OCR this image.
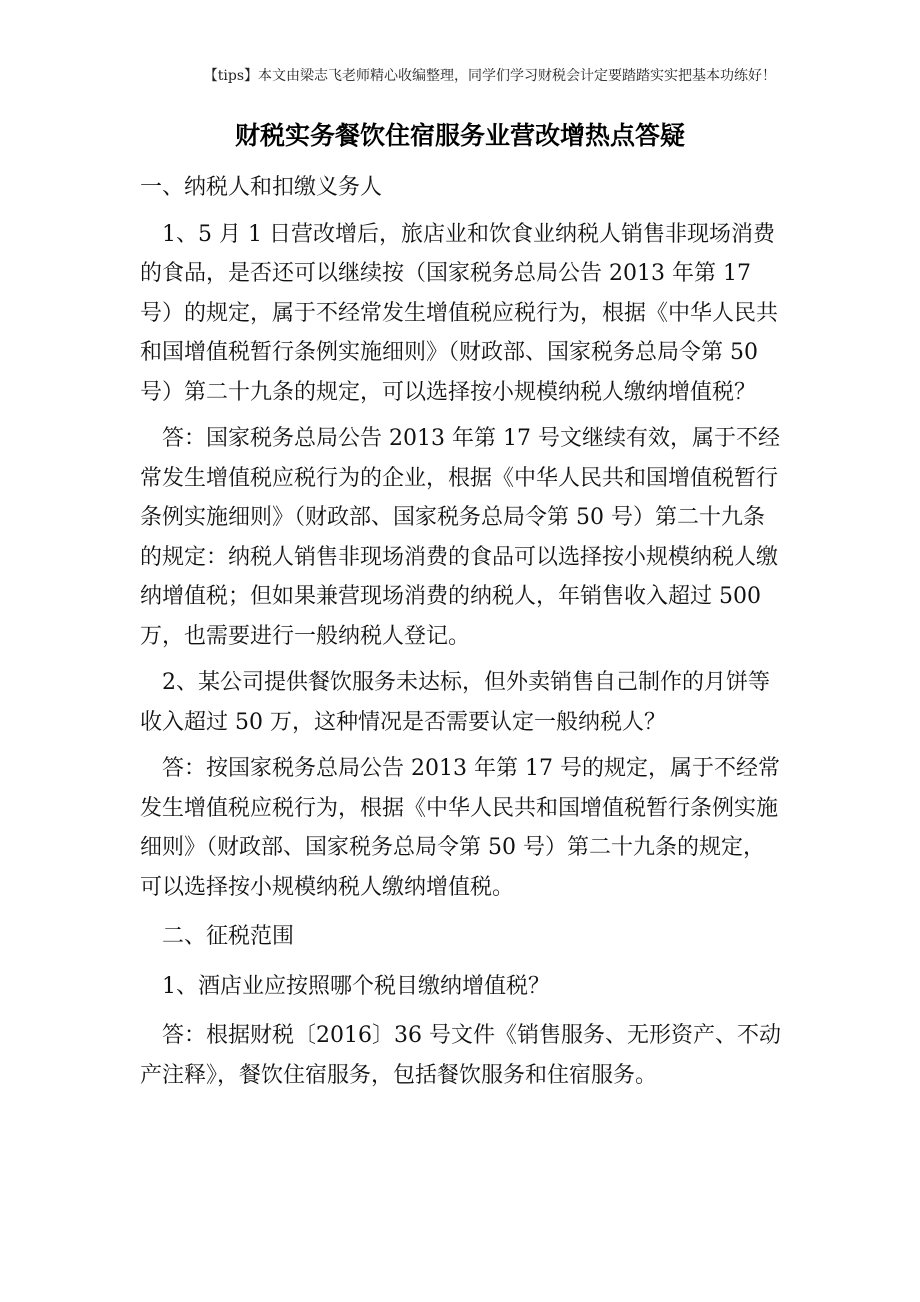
【tips】本文由梁志飞老师精心收编整理，同学们学习财税会计定要踏踏实实把基本功练好！
财税实务餐饮住宿服务业营改增热点答疑

一、纳税人和扣缴义务人

1、5 月 1 日营改增后，旅店业和饮食业纳税人销售非现场消费的食品，是否还可以继续按（国家税务总局公告 2013 年第 17 号）的规定，属于不经常发生增值税应税行为，根据《中华人民共和国增值税暂行条例实施细则》（财政部、国家税务总局令第 50 号）第二十九条的规定，可以选择按小规模纳税人缴纳增值税？

答：国家税务总局公告 2013 年第 17 号文继续有效，属于不经常发生增值税应税行为的企业，根据《中华人民共和国增值税暂行条例实施细则》（财政部、国家税务总局令第 50 号）第二十九条的规定：纳税人销售非现场消费的食品可以选择按小规模纳税人缴纳增值税；但如果兼营现场消费的纳税人，年销售收入超过 500 万，也需要进行一般纳税人登记。

2、某公司提供餐饮服务未达标，但外卖销售自己制作的月饼等收入超过 50 万，这种情况是否需要认定一般纳税人？

答：按国家税务总局公告 2013 年第 17 号的规定，属于不经常发生增值税应税行为，根据《中华人民共和国增值税暂行条例实施细则》（财政部、国家税务总局令第 50 号）第二十九条的规定，可以选择按小规模纳税人缴纳增值税。

二、征税范围

1、酒店业应按照哪个税目缴纳增值税？

答：根据财税〔2016〕36 号文件《销售服务、无形资产、不动产注释》，餐饮住宿服务，包括餐饮服务和住宿服务。
